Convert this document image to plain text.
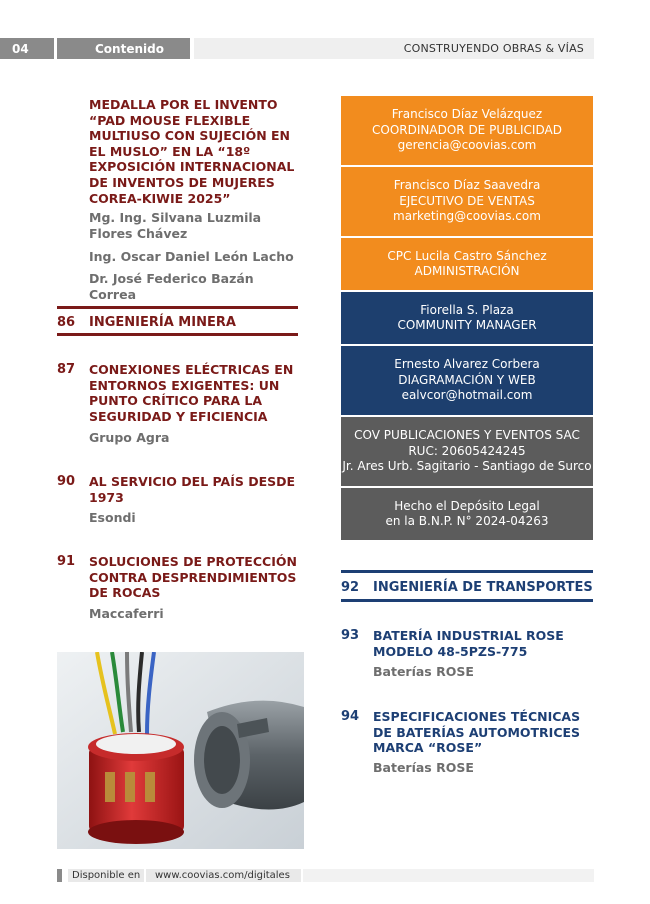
04	Contenido	CONSTRUYENDO OBRAS & VÍAS
MEDALLA POR EL INVENTO “PAD MOUSE FLEXIBLE MULTIUSO CON SUJECIÓN EN EL MUSLO” EN LA “18º EXPOSICIÓN INTERNACIONAL DE INVENTOS DE MUJERES COREA-KIWIE 2025”
Mg. Ing. Silvana Luzmila Flores Chávez
Ing. Oscar Daniel León Lacho
Dr. José Federico Bazán Correa
86 INGENIERÍA MINERA
87 CONEXIONES ELÉCTRICAS EN ENTORNOS EXIGENTES: UN PUNTO CRÍTICO PARA LA SEGURIDAD Y EFICIENCIA
Grupo Agra
90 AL SERVICIO DEL PAÍS DESDE 1973
Esondi
91 SOLUCIONES DE PROTECCIÓN CONTRA DESPRENDIMIENTOS DE ROCAS
Maccaferri
Francisco Díaz Velázquez
COORDINADOR DE PUBLICIDAD
gerencia@coovias.com
Francisco Díaz Saavedra
EJECUTIVO DE VENTAS
marketing@coovias.com
CPC Lucila Castro Sánchez
ADMINISTRACIÓN
Fiorella S. Plaza
COMMUNITY MANAGER
Ernesto Alvarez Corbera
DIAGRAMACIÓN Y WEB
ealvcor@hotmail.com
COV PUBLICACIONES Y EVENTOS SAC
RUC: 20605424245
Jr. Ares Urb. Sagitario - Santiago de Surco
Hecho el Depósito Legal
en la B.N.P. N° 2024-04263
92 INGENIERÍA DE TRANSPORTES
93 BATERÍA INDUSTRIAL ROSE MODELO 48-5PZS-775
Baterías ROSE
94 ESPECIFICACIONES TÉCNICAS DE BATERÍAS AUTOMOTRICES MARCA “ROSE”
Baterías ROSE
Disponible en	www.coovias.com/digitales
